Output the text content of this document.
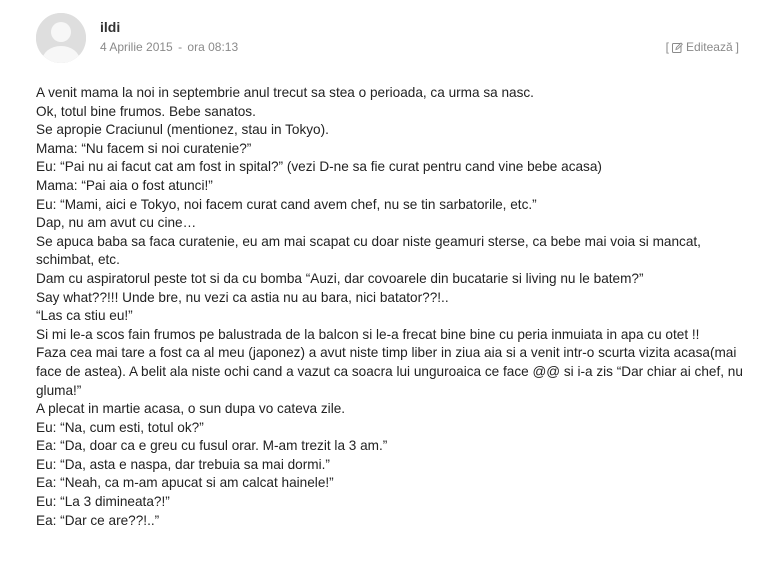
ildi
4 Aprilie 2015 - ora 08:13	[ Editează ]

A venit mama la noi in septembrie anul trecut sa stea o perioada, ca urma sa nasc.

Ok, totul bine frumos. Bebe sanatos.

Se apropie Craciunul (mentionez, stau in Tokyo).

Mama: “Nu facem si noi curatenie?”

Eu: “Pai nu ai facut cat am fost in spital?” (vezi D-ne sa fie curat pentru cand vine bebe acasa)

Mama: “Pai aia o fost atunci!”

Eu: “Mami, aici e Tokyo, noi facem curat cand avem chef, nu se tin sarbatorile, etc.”

Dap, nu am avut cu cine…

Se apuca baba sa faca curatenie, eu am mai scapat cu doar niste geamuri sterse, ca bebe mai voia si mancat, schimbat, etc.

Dam cu aspiratorul peste tot si da cu bomba “Auzi, dar covoarele din bucatarie si living nu le batem?”

Say what??!!! Unde bre, nu vezi ca astia nu au bara, nici batator??!..

“Las ca stiu eu!”

Si mi le-a scos fain frumos pe balustrada de la balcon si le-a frecat bine bine cu peria inmuiata in apa cu otet !!

Faza cea mai tare a fost ca al meu (japonez) a avut niste timp liber in ziua aia si a venit intr-o scurta vizita acasa(mai face de astea). A belit ala niste ochi cand a vazut ca soacra lui unguroaica ce face @@ si i-a zis “Dar chiar ai chef, nu gluma!”

A plecat in martie acasa, o sun dupa vo cateva zile.

Eu: “Na, cum esti, totul ok?”

Ea: “Da, doar ca e greu cu fusul orar. M-am trezit la 3 am.”

Eu: “Da, asta e naspa, dar trebuia sa mai dormi.”

Ea: “Neah, ca m-am apucat si am calcat hainele!”

Eu: “La 3 dimineata?!”

Ea: “Dar ce are??!..”
